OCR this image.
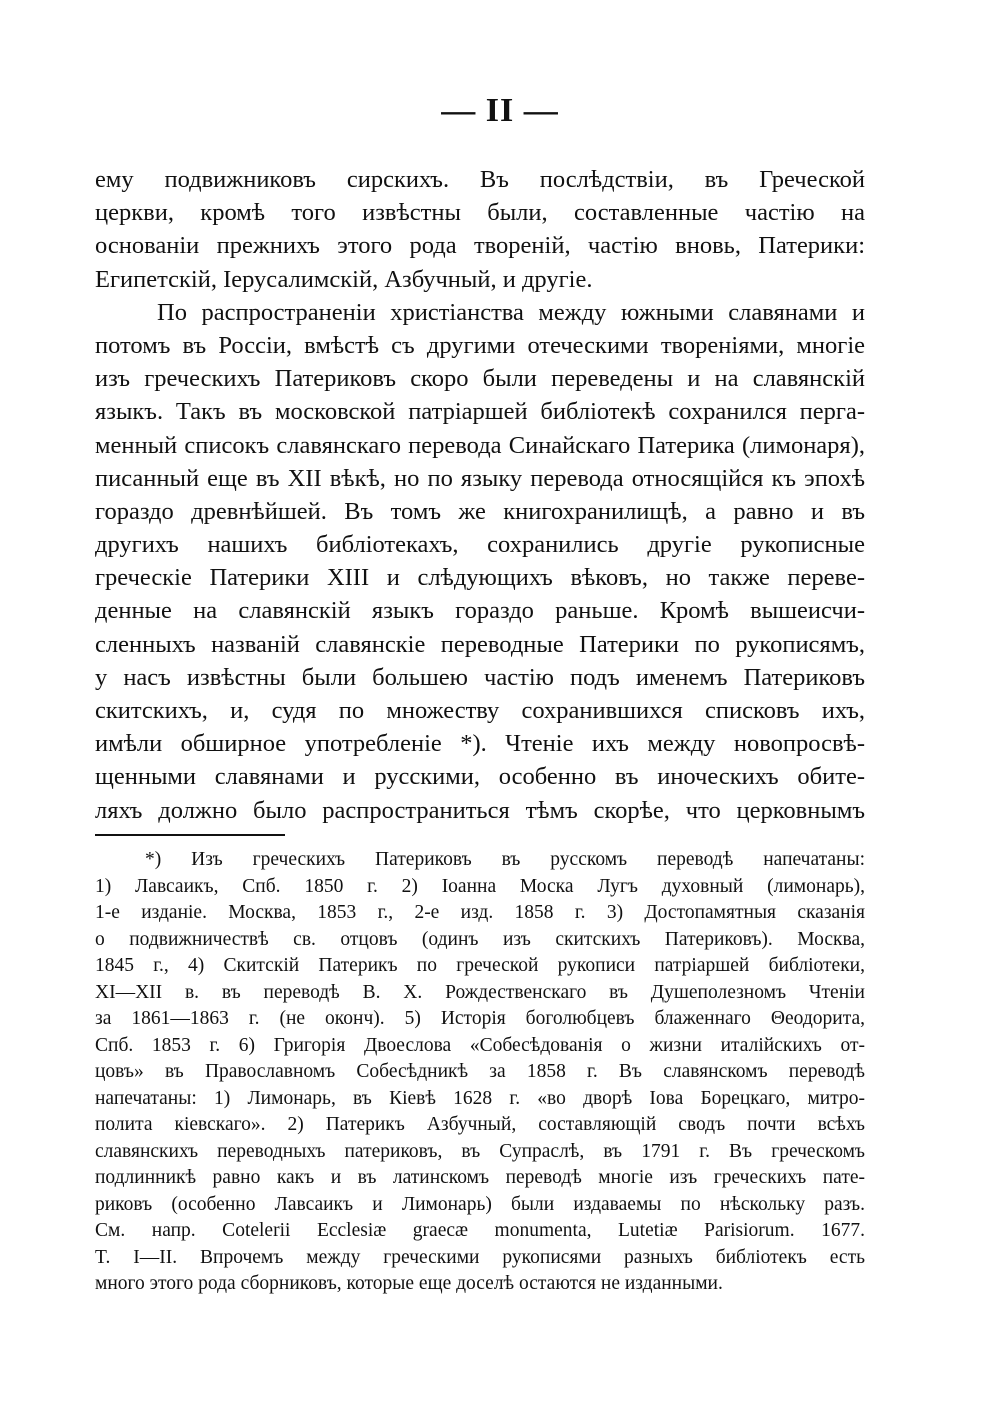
— II —
ему подвижниковъ сирскихъ. Въ послѣдствіи, въ Греческой
церкви, кромѣ того извѣстны были, составленные частію на
основаніи прежнихъ этого рода твореній, частію вновь, Патерики:
Египетскій, Іерусалимскій, Азбучный, и другіе.
По распространеніи христіанства между южными славянами и
потомъ въ Россіи, вмѣстѣ съ другими отеческими твореніями, многіе
изъ греческихъ Патериковъ скоро были переведены и на славянскій
языкъ. Такъ въ московской патріаршей библіотекѣ сохранился перга-
менный списокъ славянскаго перевода Синайскаго Патерика (лимонаря),
писанный еще въ XII вѣкѣ, но по языку перевода относящійся къ эпохѣ
гораздо древнѣйшей. Въ томъ же книгохранилищѣ, а равно и въ
другихъ нашихъ библіотекахъ, сохранились другіе рукописные
греческіе Патерики XIII и слѣдующихъ вѣковъ, но также переве-
денные на славянскій языкъ гораздо раньше. Кромѣ вышеисчи-
сленныхъ названій славянскіе переводные Патерики по рукописямъ,
у насъ извѣстны были большею частію подъ именемъ Патериковъ
скитскихъ, и, судя по множеству сохранившихся списковъ ихъ,
имѣли обширное употребленіе *). Чтеніе ихъ между новопросвѣ-
щенными славянами и русскими, особенно въ иноческихъ обите-
ляхъ должно было распространиться тѣмъ скорѣе, что церковнымъ
*) Изъ греческихъ Патериковъ въ русскомъ переводѣ напечатаны:
1) Лавсаикъ, Спб. 1850 г. 2) Іоанна Моска Лугъ духовный (лимонарь),
1-е изданіе. Москва, 1853 г., 2-е изд. 1858 г. 3) Достопамятныя сказанія
о подвижничествѣ св. отцовъ (одинъ изъ скитскихъ Патериковъ). Москва,
1845 г., 4) Скитскій Патерикъ по греческой рукописи патріаршей библіотеки,
XI—XII в. въ переводѣ В. Х. Рождественскаго въ Душеполезномъ Чтеніи
за 1861—1863 г. (не оконч). 5) Исторія боголюбцевъ блаженнаго Θеодорита,
Спб. 1853 г. 6) Григорія Двоеслова «Собесѣдованія о жизни италійскихъ от-
цовъ» въ Православномъ Собесѣдникѣ за 1858 г. Въ славянскомъ переводѣ
напечатаны: 1) Лимонарь, въ Кіевѣ 1628 г. «во дворѣ Іова Борецкаго, митро-
полита кіевскаго». 2) Патерикъ Азбучный, составляющій сводъ почти всѣхъ
славянскихъ переводныхъ патериковъ, въ Супраслѣ, въ 1791 г. Въ греческомъ
подлинникѣ равно какъ и въ латинскомъ переводѣ многіе изъ греческихъ пате-
риковъ (особенно Лавсаикъ и Лимонарь) были издаваемы по нѣскольку разъ.
См. напр. Cotelerii Ecclesiæ graecæ monumenta, Lutetiæ Parisiorum. 1677.
T. I—II. Впрочемъ между греческими рукописями разныхъ библіотекъ есть
много этого рода сборниковъ, которые еще доселѣ остаются не изданными.
